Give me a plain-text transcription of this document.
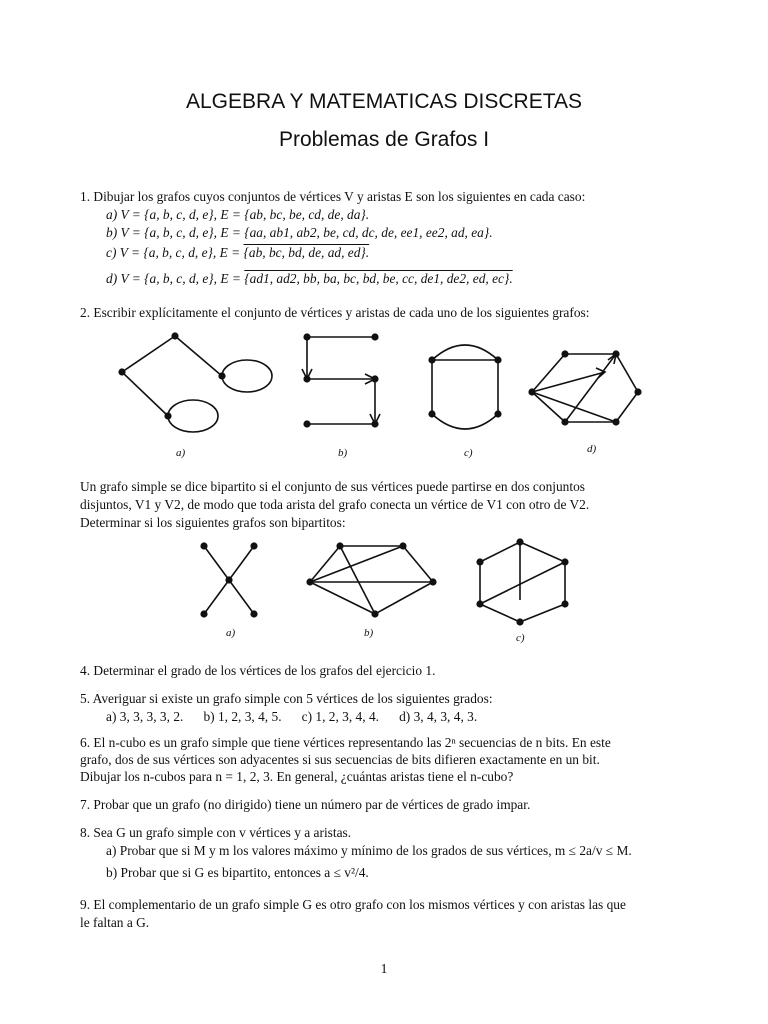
ALGEBRA Y MATEMATICAS DISCRETAS
Problemas de Grafos I
1. Dibujar los grafos cuyos conjuntos de vértices V y aristas E son los siguientes en cada caso:
a) V = {a, b, c, d, e}, E = {ab, bc, be, cd, de, da}.
b) V = {a, b, c, d, e}, E = {aa, ab1, ab2, be, cd, dc, de, ee1, ee2, ad, ea}.
c) V = {a, b, c, d, e}, E = {ab, bc, bd, de, ad, ed}.
d) V = {a, b, c, d, e}, E = {ad1, ad2, bb, ba, bc, bd, be, cc, de1, de2, ed, ec}.
2. Escribir explícitamente el conjunto de vértices y aristas de cada uno de los siguientes grafos:
a)	b)	c)	d)
Un grafo simple se dice bipartito si el conjunto de sus vértices puede partirse en dos conjuntos
disjuntos, V1 y V2, de modo que toda arista del grafo conecta un vértice de V1 con otro de V2.
Determinar si los siguientes grafos son bipartitos:
a)	b)	c)
4. Determinar el grado de los vértices de los grafos del ejercicio 1.
5. Averiguar si existe un grafo simple con 5 vértices de los siguientes grados:
a) 3, 3, 3, 3, 2.      b) 1, 2, 3, 4, 5.      c) 1, 2, 3, 4, 4.      d) 3, 4, 3, 4, 3.
6. El n-cubo es un grafo simple que tiene vértices representando las 2ⁿ secuencias de n bits. En este
grafo, dos de sus vértices son adyacentes si sus secuencias de bits difieren exactamente en un bit.
Dibujar los n-cubos para n = 1, 2, 3. En general, ¿cuántas aristas tiene el n-cubo?
7. Probar que un grafo (no dirigido) tiene un número par de vértices de grado impar.
8. Sea G un grafo simple con v vértices y a aristas.
a) Probar que si M y m los valores máximo y mínimo de los grados de sus vértices, m ≤ 2a/v ≤ M.
b) Probar que si G es bipartito, entonces a ≤ v²/4.
9. El complementario de un grafo simple G es otro grafo con los mismos vértices y con aristas las que
le faltan a G.
1
